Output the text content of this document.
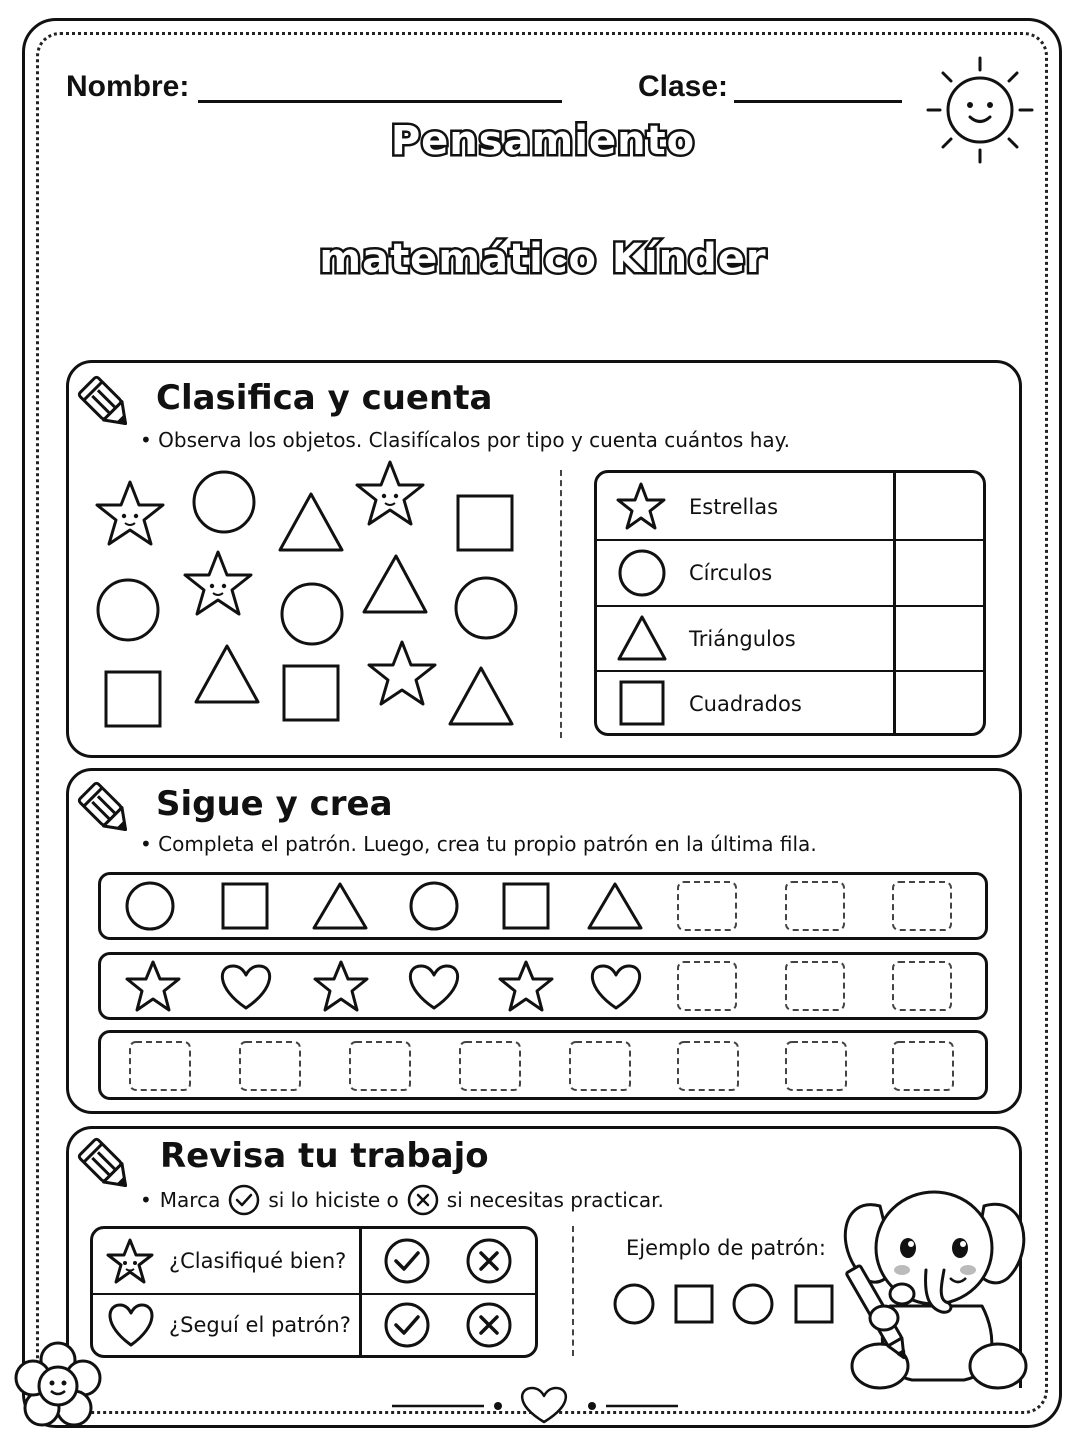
Nombre:	Clase:
Pensamiento
matemático Kínder
Clasifica y cuenta
• Observa los objetos. Clasifícalos por tipo y cuenta cuántos hay.
Estrellas
Círculos
Triángulos
Cuadrados
Sigue y crea
• Completa el patrón. Luego, crea tu propio patrón en la última fila.
Revisa tu trabajo
• Marca si lo hiciste o si necesitas practicar.
¿Clasifiqué bien?
¿Seguí el patrón?
Ejemplo de patrón:
